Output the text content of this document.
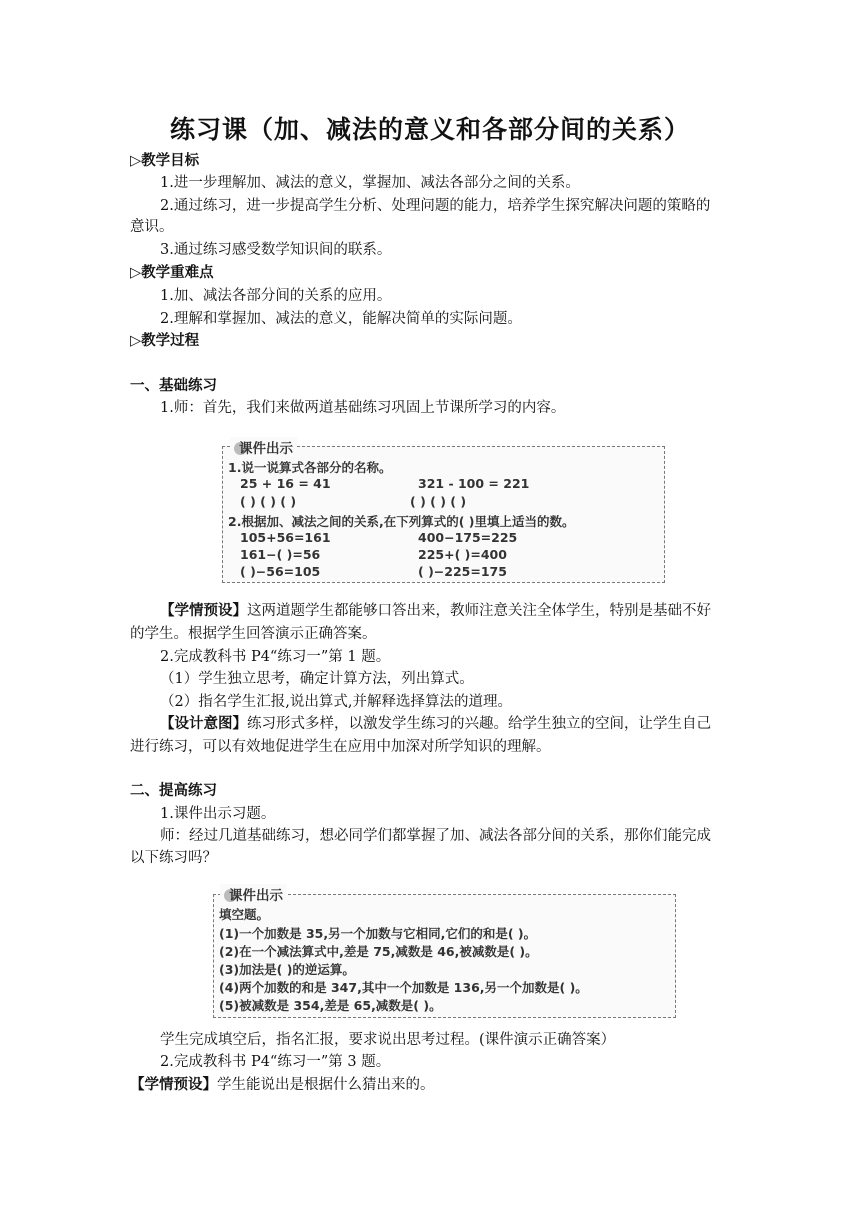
练习课（加、减法的意义和各部分间的关系）
▷教学目标
1.进一步理解加、减法的意义，掌握加、减法各部分之间的关系。
2.通过练习，进一步提高学生分析、处理问题的能力，培养学生探究解决问题的策略的
意识。
3.通过练习感受数学知识间的联系。
▷教学重难点
1.加、减法各部分间的关系的应用。
2.理解和掌握加、减法的意义，能解决简单的实际问题。
▷教学过程
一、基础练习
1.师：首先，我们来做两道基础练习巩固上节课所学习的内容。
课件出示
1.说一说算式各部分的名称。
25 + 16 = 41	321 - 100 = 221
( ) ( ) ( )	( ) ( ) ( )
2.根据加、减法之间的关系,在下列算式的( )里填上适当的数。
105+56=161	400−175=225
161−( )=56	225+( )=400
( )−56=105	( )−225=175
【学情预设】这两道题学生都能够口答出来，教师注意关注全体学生，特别是基础不好
的学生。根据学生回答演示正确答案。
2.完成教科书 P4“练习一”第 1 题。
（1）学生独立思考，确定计算方法，列出算式。
（2）指名学生汇报,说出算式,并解释选择算法的道理。
【设计意图】练习形式多样，以激发学生练习的兴趣。给学生独立的空间，让学生自己
进行练习，可以有效地促进学生在应用中加深对所学知识的理解。
二、提高练习
1.课件出示习题。
师：经过几道基础练习，想必同学们都掌握了加、减法各部分间的关系，那你们能完成
以下练习吗？
课件出示
填空题。
(1)一个加数是 35,另一个加数与它相同,它们的和是( )。
(2)在一个减法算式中,差是 75,减数是 46,被减数是( )。
(3)加法是( )的逆运算。
(4)两个加数的和是 347,其中一个加数是 136,另一个加数是( )。
(5)被减数是 354,差是 65,减数是( )。
学生完成填空后，指名汇报，要求说出思考过程。(课件演示正确答案）
2.完成教科书 P4“练习一”第 3 题。
【学情预设】学生能说出是根据什么猜出来的。
